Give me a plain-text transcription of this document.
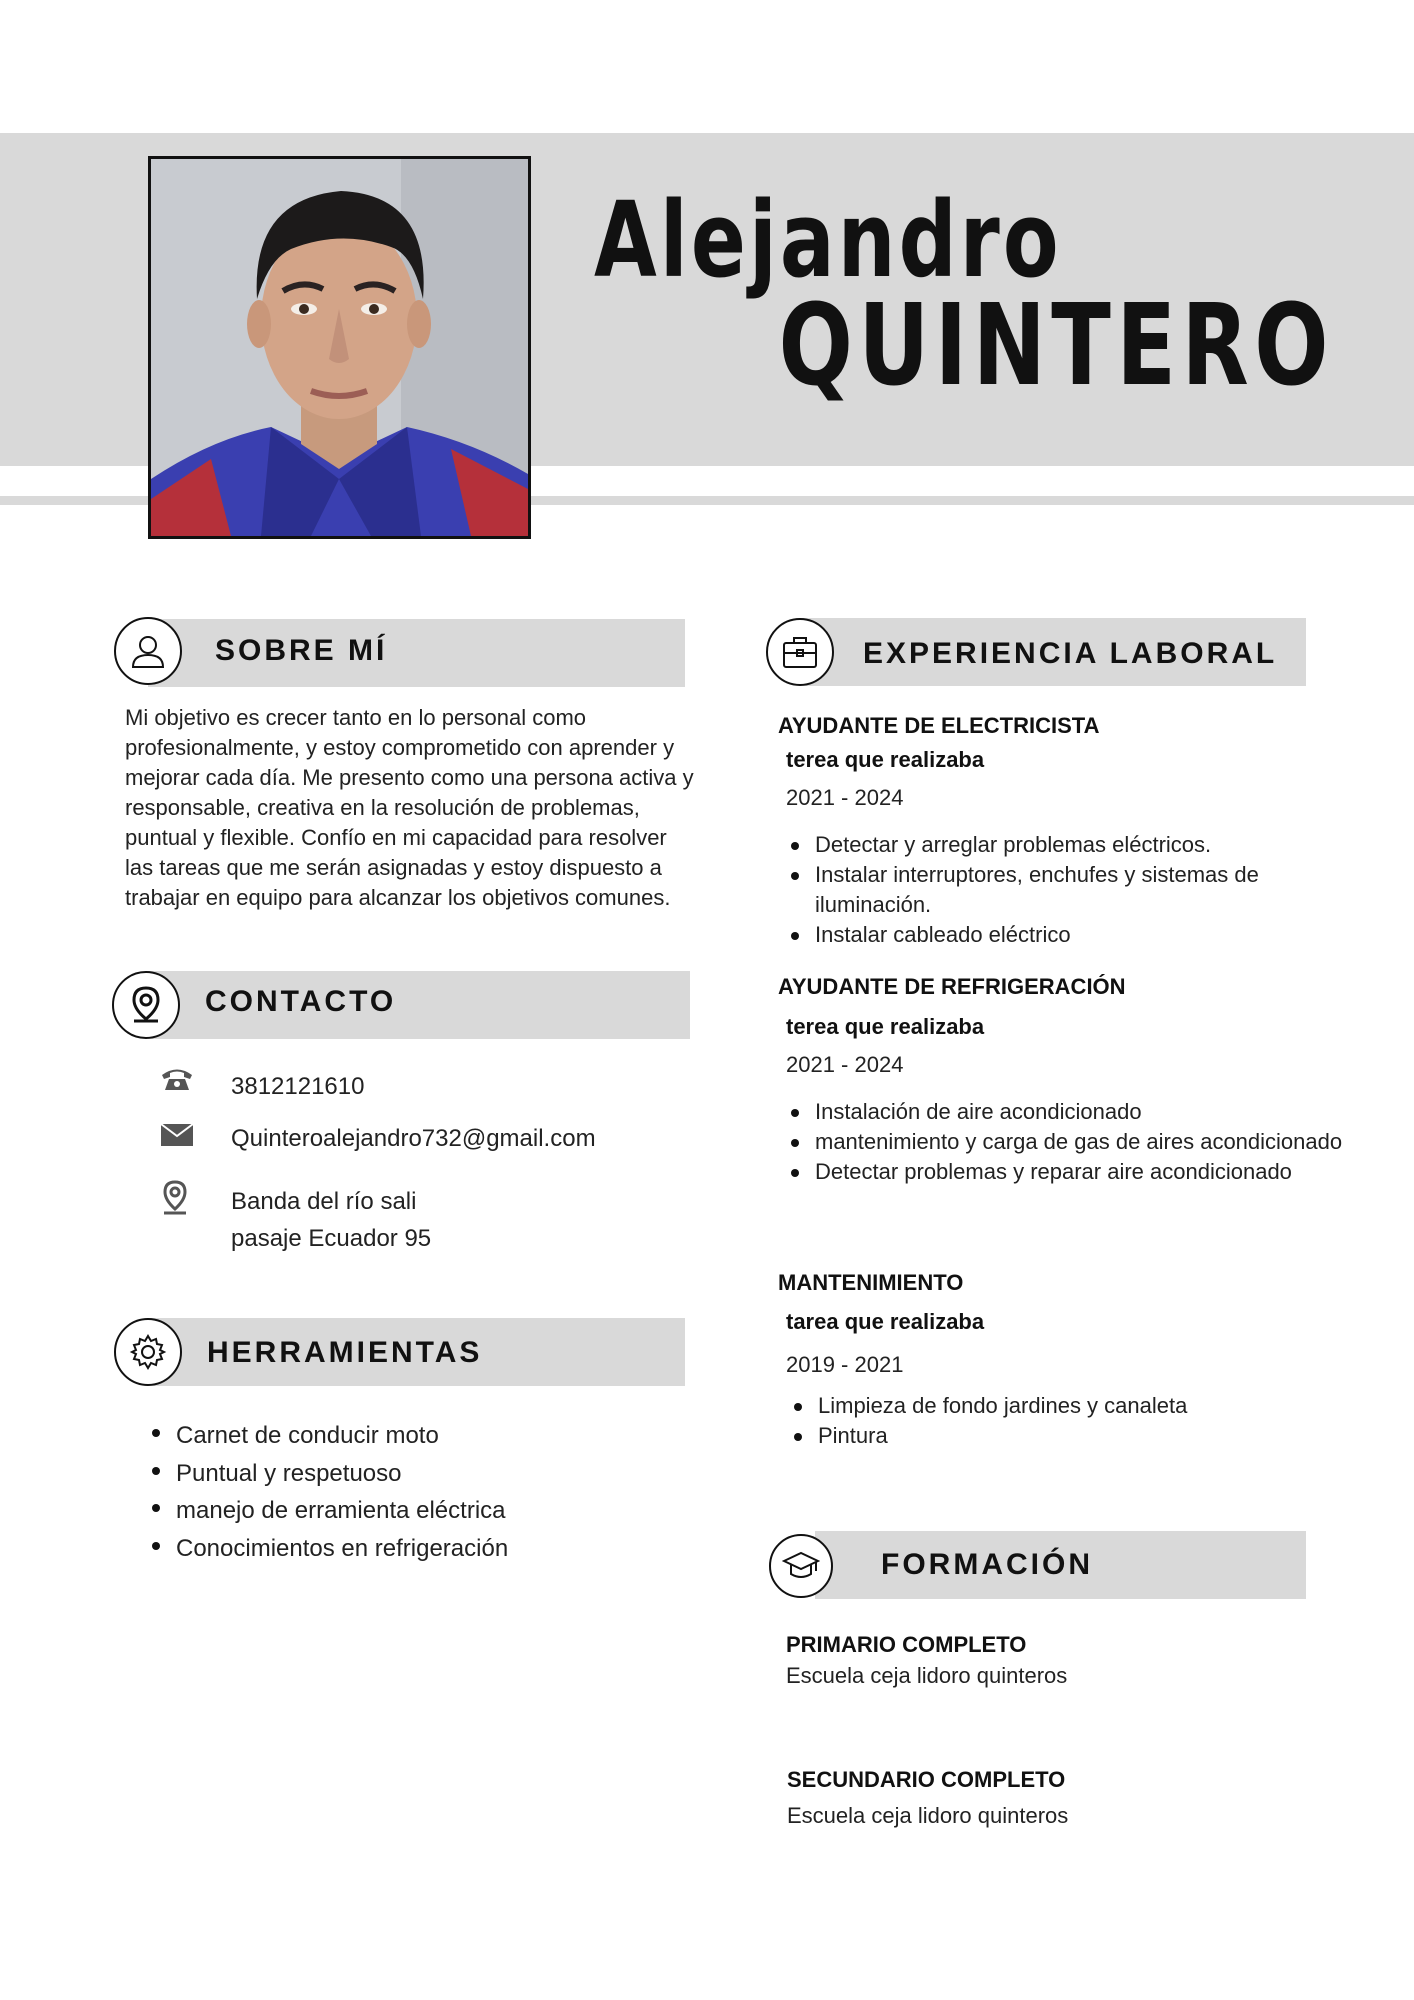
Alejandro
QUINTERO
SOBRE MÍ
Mi objetivo es crecer tanto en lo personal como profesionalmente, y estoy comprometido con aprender y mejorar cada día. Me presento como una persona activa y responsable, creativa en la resolución de problemas, puntual y flexible. Confío en mi capacidad para resolver las tareas que me serán asignadas y estoy dispuesto a trabajar en equipo para alcanzar los objetivos comunes.
CONTACTO
3812121610
Quinteroalejandro732@gmail.com
Banda del río sali
pasaje Ecuador 95
HERRAMIENTAS
Carnet de conducir moto
Puntual y respetuoso
manejo de erramienta eléctrica
Conocimientos en refrigeración
EXPERIENCIA LABORAL
AYUDANTE DE ELECTRICISTA
terea que realizaba
2021 - 2024
Detectar y arreglar problemas eléctricos.
Instalar interruptores, enchufes y sistemas de iluminación.
Instalar cableado eléctrico
AYUDANTE DE REFRIGERACIÓN
terea que realizaba
2021 - 2024
Instalación de aire acondicionado
mantenimiento y carga de gas de aires acondicionado
Detectar problemas y reparar aire acondicionado
MANTENIMIENTO
tarea que realizaba
2019 - 2021
Limpieza de fondo jardines y canaleta
Pintura
FORMACIÓN
PRIMARIO COMPLETO
Escuela ceja lidoro quinteros
SECUNDARIO COMPLETO
Escuela ceja lidoro quinteros
